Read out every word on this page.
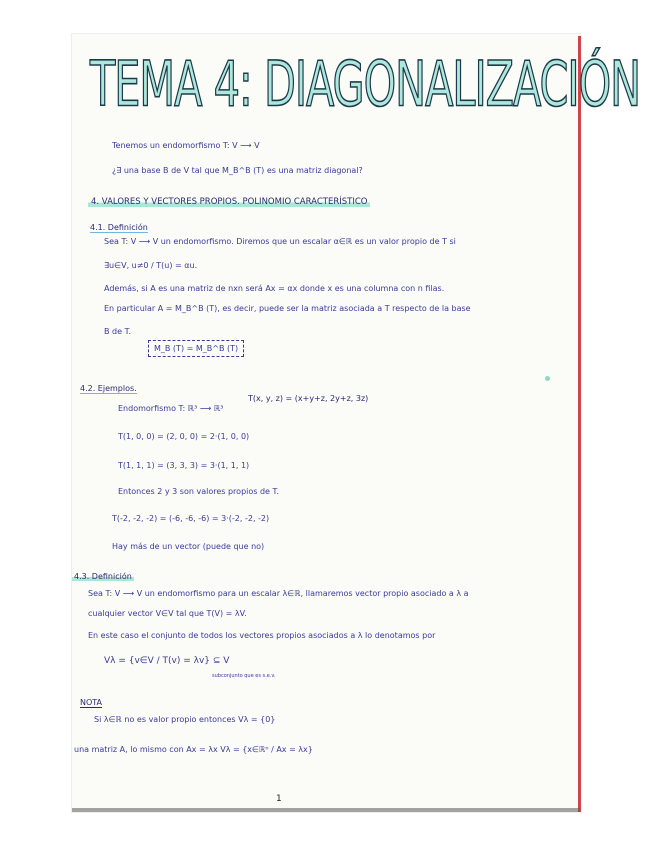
TEMA 4: DIAGONALIZACIÓN
Tenemos un endomorfismo T: V ⟶ V
¿∃ una base B de V tal que M_B^B (T) es una matriz diagonal?
4. VALORES Y VECTORES PROPIOS. POLINOMIO CARACTERÍSTICO
4.1. Definición
Sea T: V ⟶ V un endomorfismo. Diremos que un escalar α∈ℝ es un valor propio de T si
∃u∈V, u≠0 / T(u) = αu.
Además, si A es una matriz de nxn será Ax = αx donde x es una columna con n filas.
En particular A = M_B^B (T), es decir, puede ser la matriz asociada a T respecto de la base
B de T.
M_B (T) = M_B^B (T)
4.2. Ejemplos.
Endomorfismo T: ℝ³ ⟶ ℝ³
T(x, y, z) = (x+y+z, 2y+z, 3z)
T(1, 0, 0) = (2, 0, 0) = 2·(1, 0, 0)
T(1, 1, 1) = (3, 3, 3) = 3·(1, 1, 1)
Entonces 2 y 3 son valores propios de T.
T(-2, -2, -2) = (-6, -6, -6) = 3·(-2, -2, -2)
Hay más de un vector (puede que no)
4.3. Definición
Sea T: V ⟶ V un endomorfismo para un escalar λ∈ℝ, llamaremos vector propio asociado a λ a
cualquier vector V∈V tal que T(V) = λV.
En este caso el conjunto de todos los vectores propios asociados a λ lo denotamos por
Vλ = {v∈V / T(v) = λv} ⊆ V
subconjunto que es s.e.v.
NOTA
Si λ∈ℝ no es valor propio entonces Vλ = {0}
una matriz A, lo mismo con Ax = λx Vλ = {x∈ℝⁿ / Ax = λx}
1
